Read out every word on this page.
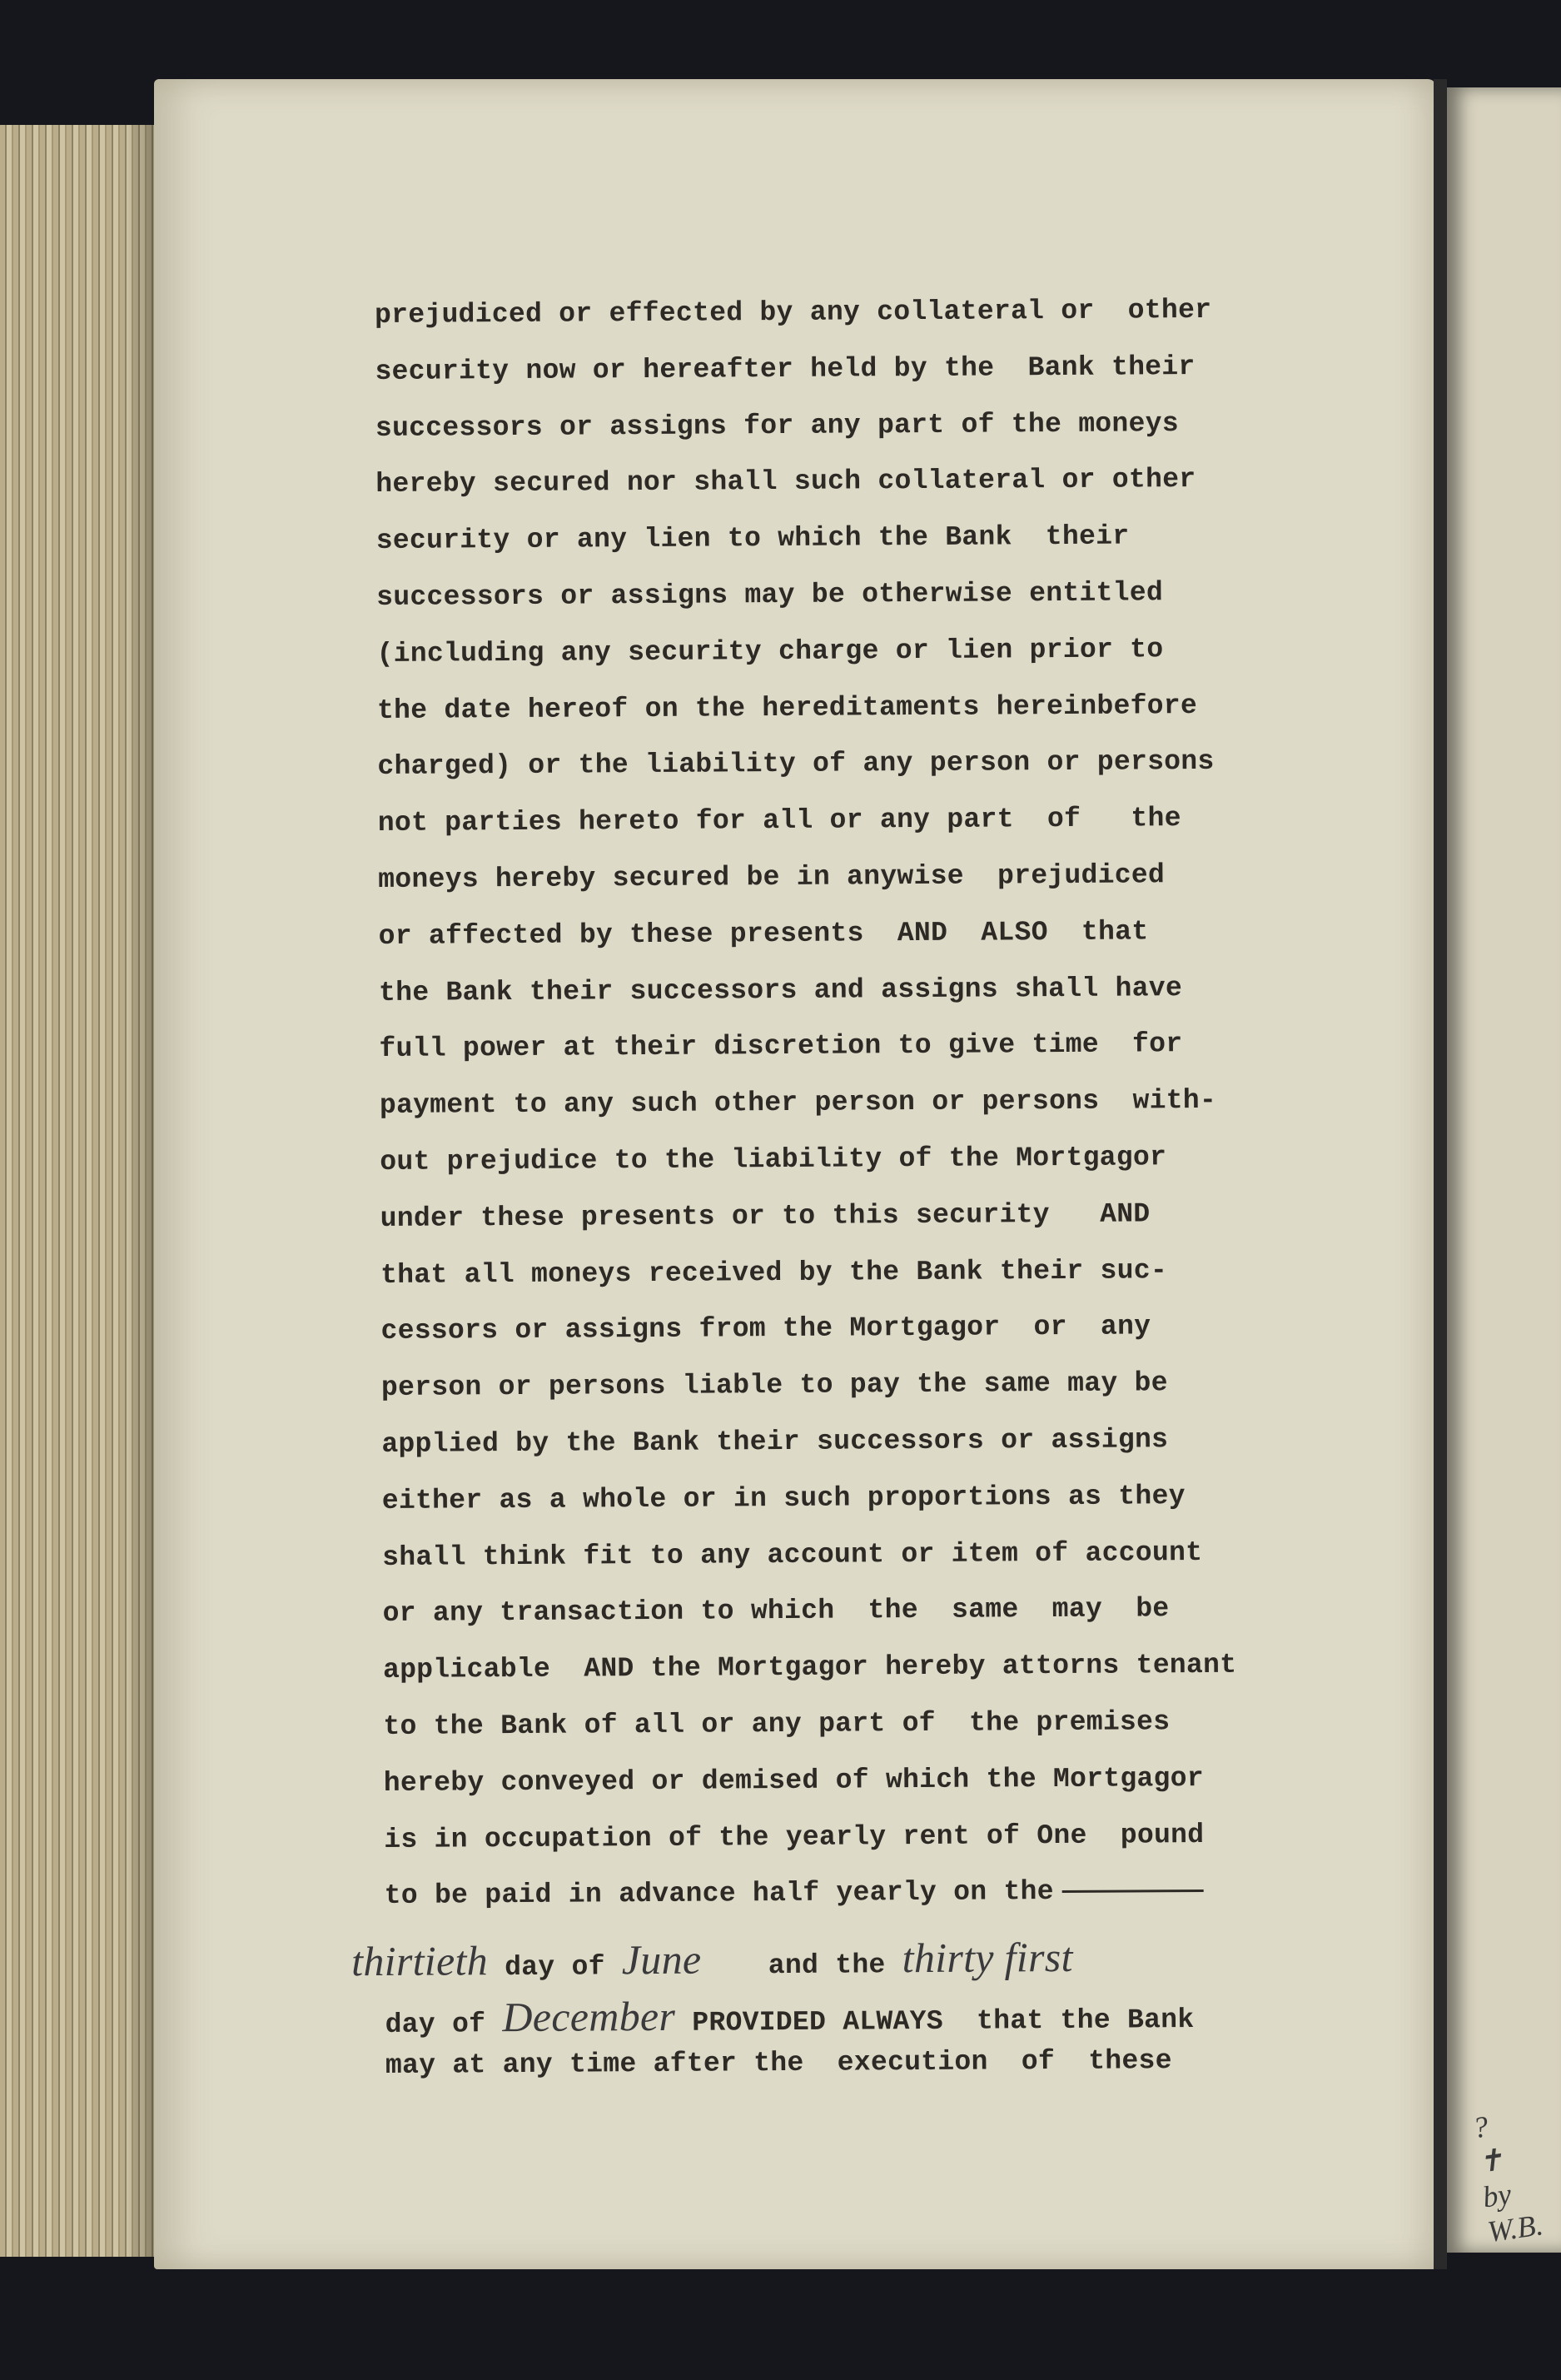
prejudiced or effected by any collateral or  other
security now or hereafter held by the  Bank their
successors or assigns for any part of the moneys
hereby secured nor shall such collateral or other
security or any lien to which the Bank  their
successors or assigns may be otherwise entitled
(including any security charge or lien prior to
the date hereof on the hereditaments hereinbefore
charged) or the liability of any person or persons
not parties hereto for all or any part  of   the
moneys hereby secured be in anywise  prejudiced
or affected by these presents  AND  ALSO  that
the Bank their successors and assigns shall have
full power at their discretion to give time  for
payment to any such other person or persons  with-
out prejudice to the liability of the Mortgagor
under these presents or to this security   AND
that all moneys received by the Bank their suc-
cessors or assigns from the Mortgagor  or  any
person or persons liable to pay the same may be
applied by the Bank their successors or assigns
either as a whole or in such proportions as they
shall think fit to any account or item of account
or any transaction to which  the  same  may  be
applicable  AND the Mortgagor hereby attorns tenant
to the Bank of all or any part of  the premises
hereby conveyed or demised of which the Mortgagor
is in occupation of the yearly rent of One  pound
to be paid in advance half yearly on the
thirtieth day of June    and the thirty first
day of December PROVIDED ALWAYS  that the Bank
may at any time after the  execution  of  these
? ✝ by W.B.
